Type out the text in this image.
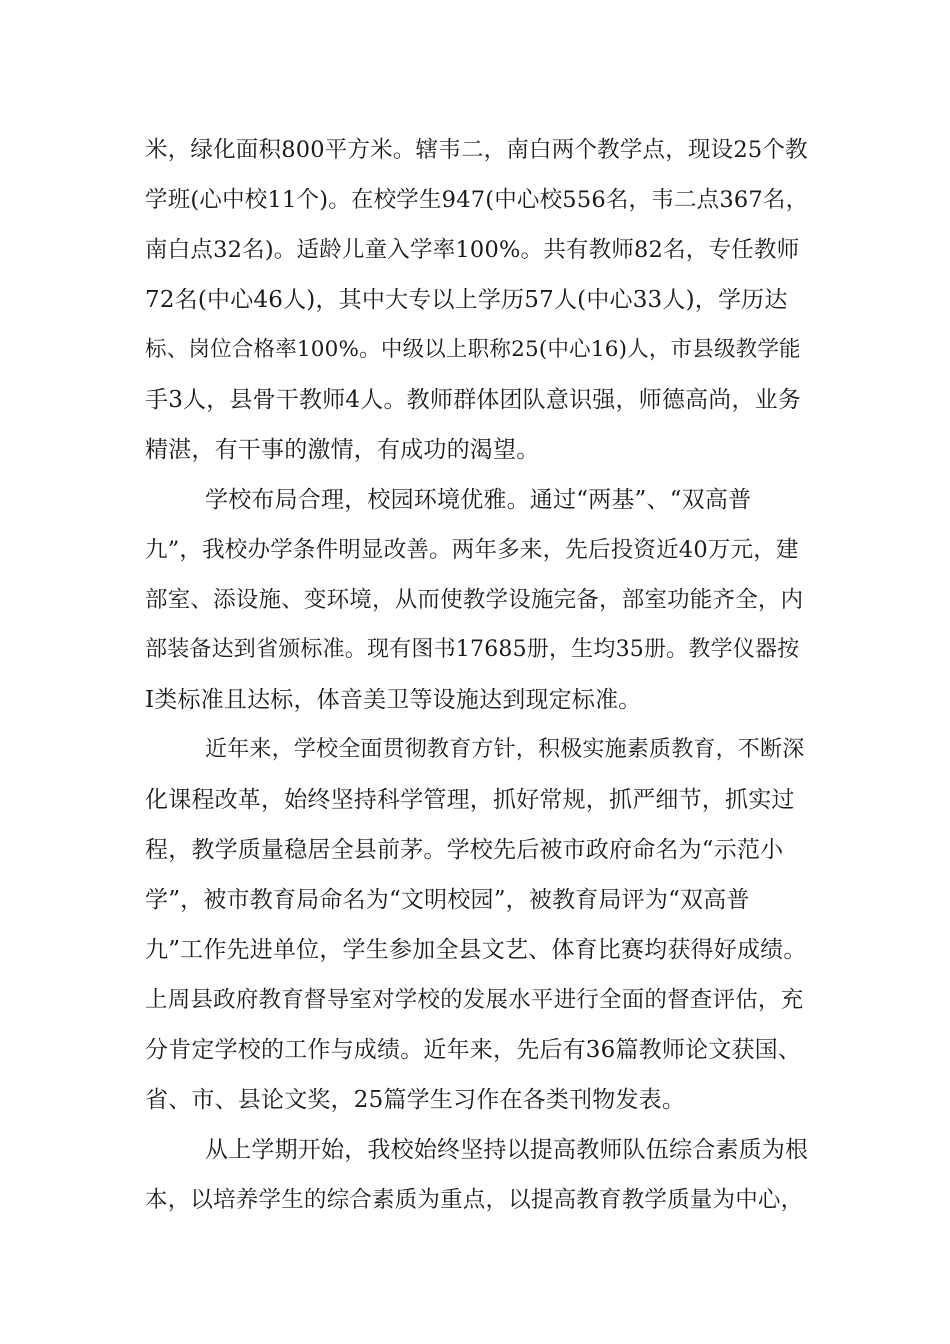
米，绿化面积800平方米。辖韦二，南白两个教学点，现设25个教
学班(心中校11个)。在校学生947(中心校556名，韦二点367名，
南白点32名)。适龄儿童入学率100%。共有教师82名，专任教师
72名(中心46人)，其中大专以上学历57人(中心33人)，学历达
标、岗位合格率100%。中级以上职称25(中心16)人，市县级教学能
手3人，县骨干教师4人。教师群体团队意识强，师德高尚，业务
精湛，有干事的激情，有成功的渴望。
学校布局合理，校园环境优雅。通过“两基”、“双高普
九”，我校办学条件明显改善。两年多来，先后投资近40万元，建
部室、添设施、变环境，从而使教学设施完备，部室功能齐全，内
部装备达到省颁标准。现有图书17685册，生均35册。教学仪器按
Ⅰ类标准且达标，体音美卫等设施达到现定标准。
近年来，学校全面贯彻教育方针，积极实施素质教育，不断深
化课程改革，始终坚持科学管理，抓好常规，抓严细节，抓实过
程，教学质量稳居全县前茅。学校先后被市政府命名为“示范小
学”，被市教育局命名为“文明校园”，被教育局评为“双高普
九”工作先进单位，学生参加全县文艺、体育比赛均获得好成绩。
上周县政府教育督导室对学校的发展水平进行全面的督查评估，充
分肯定学校的工作与成绩。近年来，先后有36篇教师论文获国、
省、市、县论文奖，25篇学生习作在各类刊物发表。
从上学期开始，我校始终坚持以提高教师队伍综合素质为根
本，以培养学生的综合素质为重点，以提高教育教学质量为中心，
